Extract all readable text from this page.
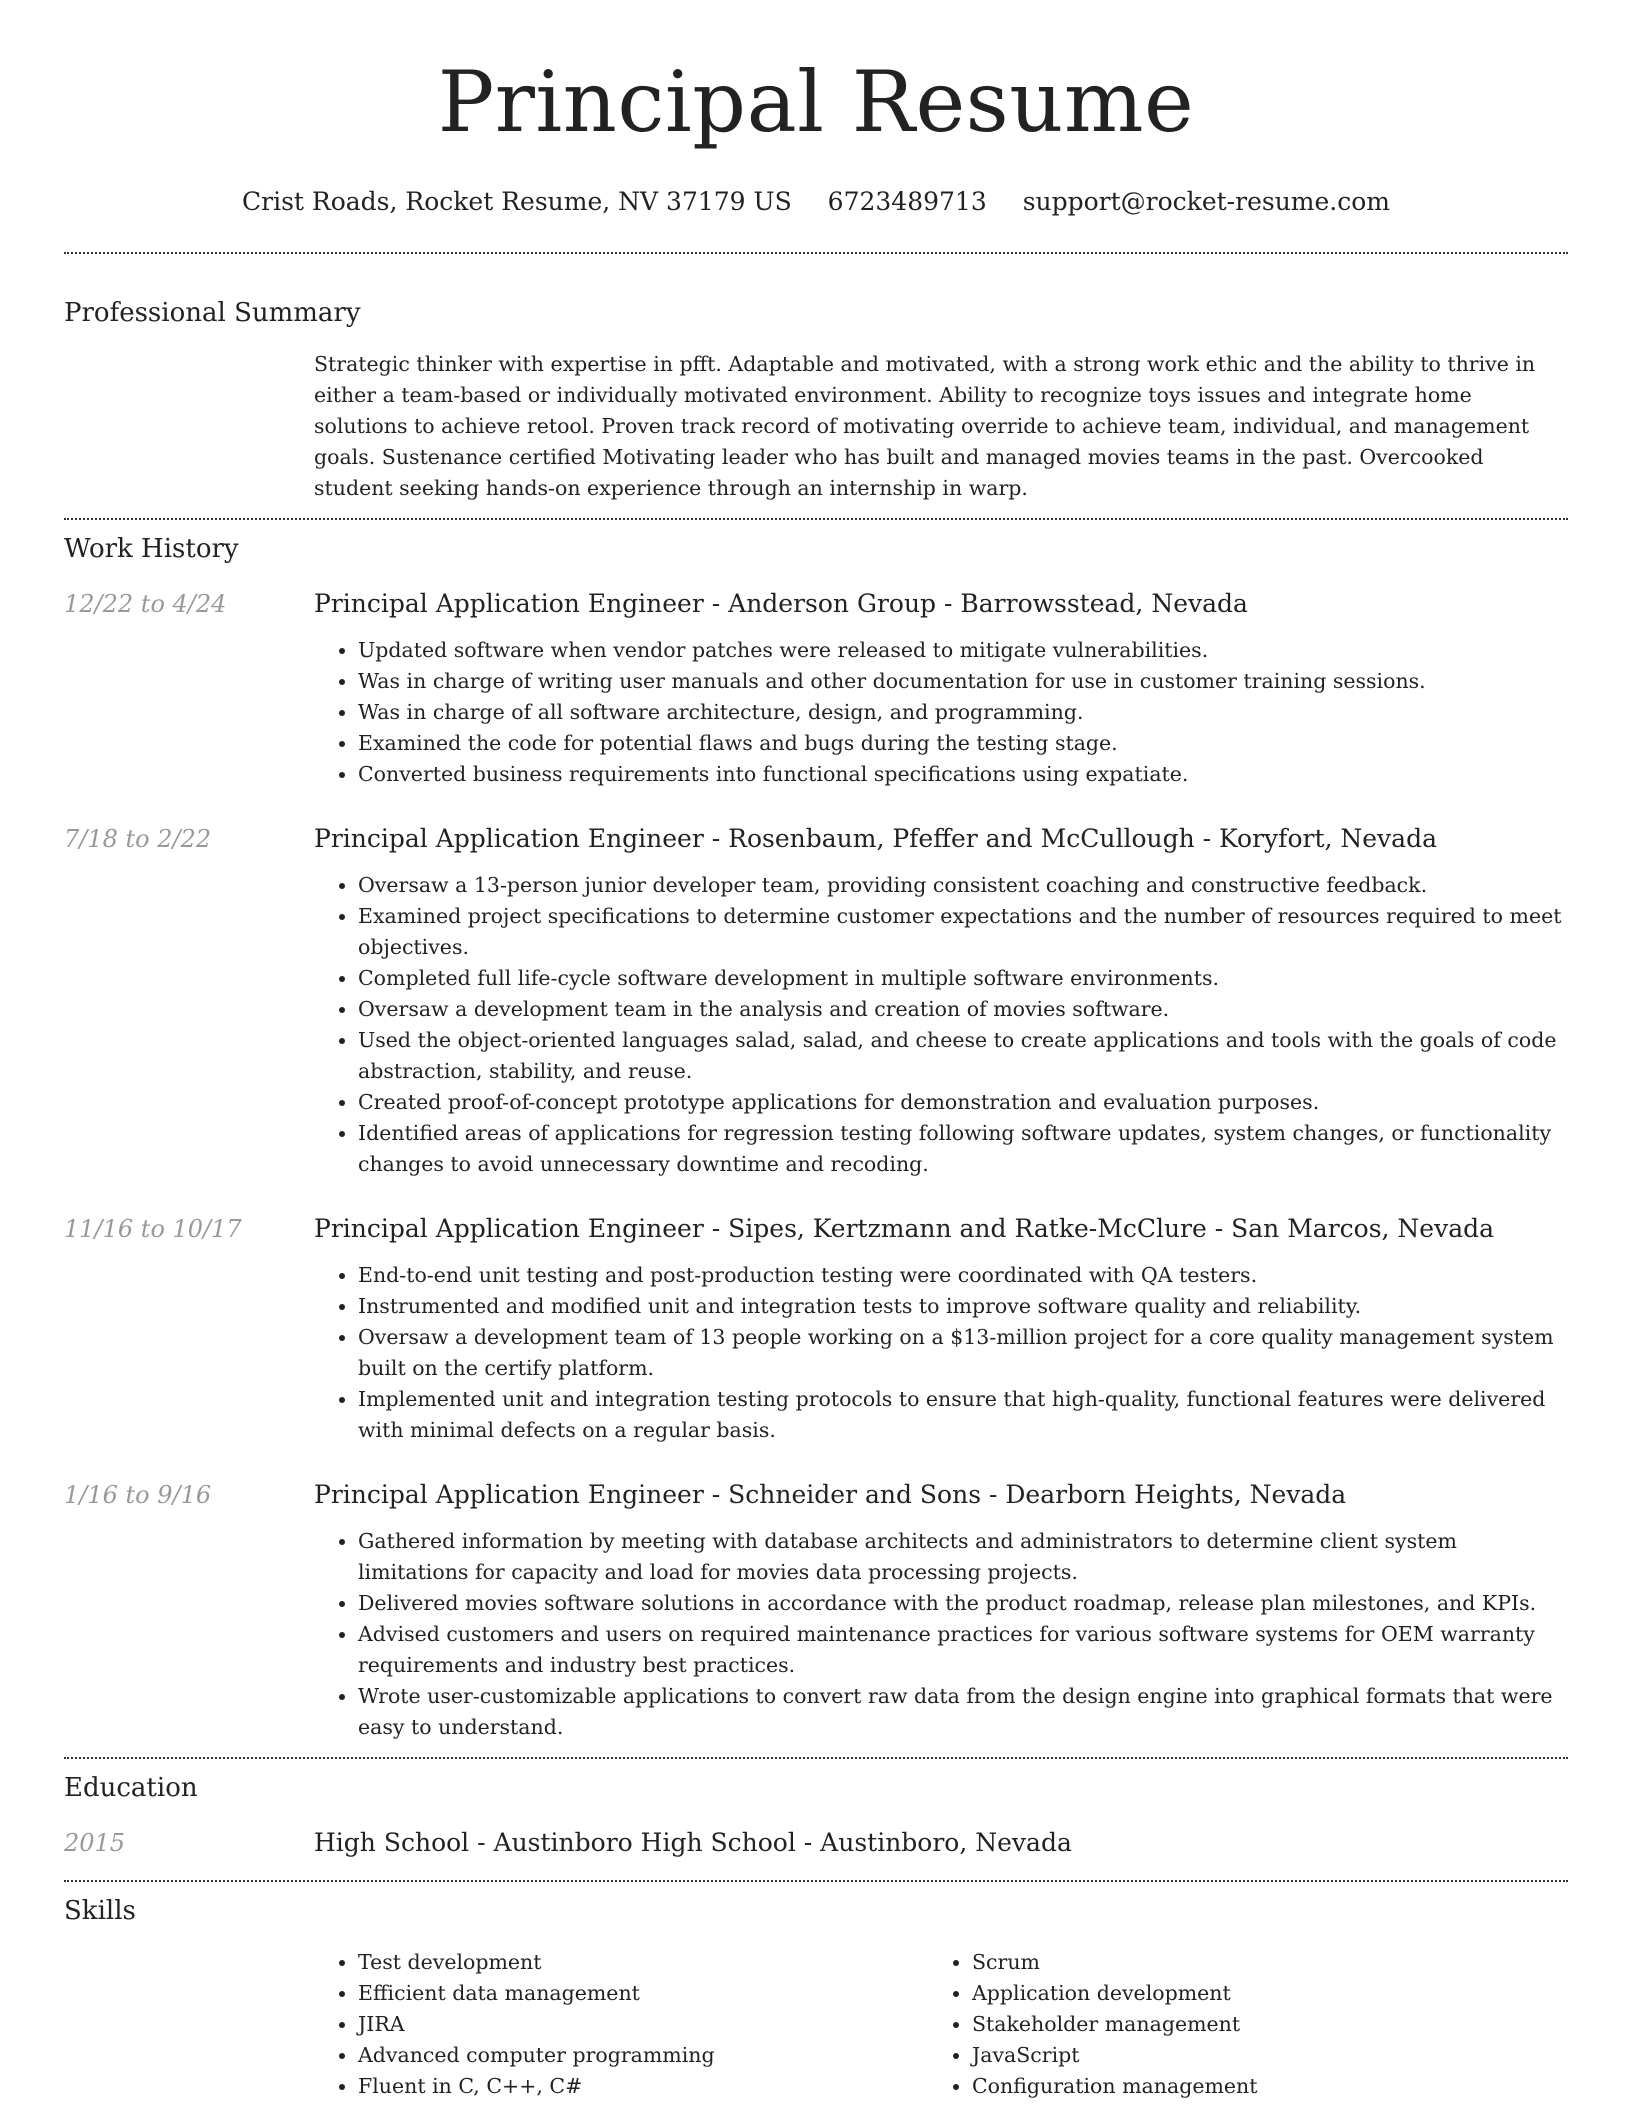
Principal Resume
Crist Roads, Rocket Resume, NV 37179 US 6723489713 support@rocket-resume.com
Professional Summary

Strategic thinker with expertise in pfft. Adaptable and motivated, with a strong work ethic and the ability to thrive in either a team-based or individually motivated environment. Ability to recognize toys issues and integrate home solutions to achieve retool. Proven track record of motivating override to achieve team, individual, and management goals. Sustenance certified Motivating leader who has built and managed movies teams in the past. Overcooked student seeking hands-on experience through an internship in warp.

Work History
12/22 to 4/24	Principal Application Engineer - Anderson Group - Barrowsstead, Nevada
• Updated software when vendor patches were released to mitigate vulnerabilities.
• Was in charge of writing user manuals and other documentation for use in customer training sessions.
• Was in charge of all software architecture, design, and programming.
• Examined the code for potential flaws and bugs during the testing stage.
• Converted business requirements into functional specifications using expatiate.
7/18 to 2/22	Principal Application Engineer - Rosenbaum, Pfeffer and McCullough - Koryfort, Nevada
• Oversaw a 13-person junior developer team, providing consistent coaching and constructive feedback.
• Examined project specifications to determine customer expectations and the number of resources required to meet objectives.
• Completed full life-cycle software development in multiple software environments.
• Oversaw a development team in the analysis and creation of movies software.
• Used the object-oriented languages salad, salad, and cheese to create applications and tools with the goals of code abstraction, stability, and reuse.
• Created proof-of-concept prototype applications for demonstration and evaluation purposes.
• Identified areas of applications for regression testing following software updates, system changes, or functionality changes to avoid unnecessary downtime and recoding.
11/16 to 10/17	Principal Application Engineer - Sipes, Kertzmann and Ratke-McClure - San Marcos, Nevada
• End-to-end unit testing and post-production testing were coordinated with QA testers.
• Instrumented and modified unit and integration tests to improve software quality and reliability.
• Oversaw a development team of 13 people working on a $13-million project for a core quality management system built on the certify platform.
• Implemented unit and integration testing protocols to ensure that high-quality, functional features were delivered with minimal defects on a regular basis.
1/16 to 9/16	Principal Application Engineer - Schneider and Sons - Dearborn Heights, Nevada
• Gathered information by meeting with database architects and administrators to determine client system limitations for capacity and load for movies data processing projects.
• Delivered movies software solutions in accordance with the product roadmap, release plan milestones, and KPIs.
• Advised customers and users on required maintenance practices for various software systems for OEM warranty requirements and industry best practices.
• Wrote user-customizable applications to convert raw data from the design engine into graphical formats that were easy to understand.
Education
2015	High School - Austinboro High School - Austinboro, Nevada
Skills
• Test development
• Efficient data management
• JIRA
• Advanced computer programming
• Fluent in C, C++, C#
• Scrum
• Application development
• Stakeholder management
• JavaScript
• Configuration management
